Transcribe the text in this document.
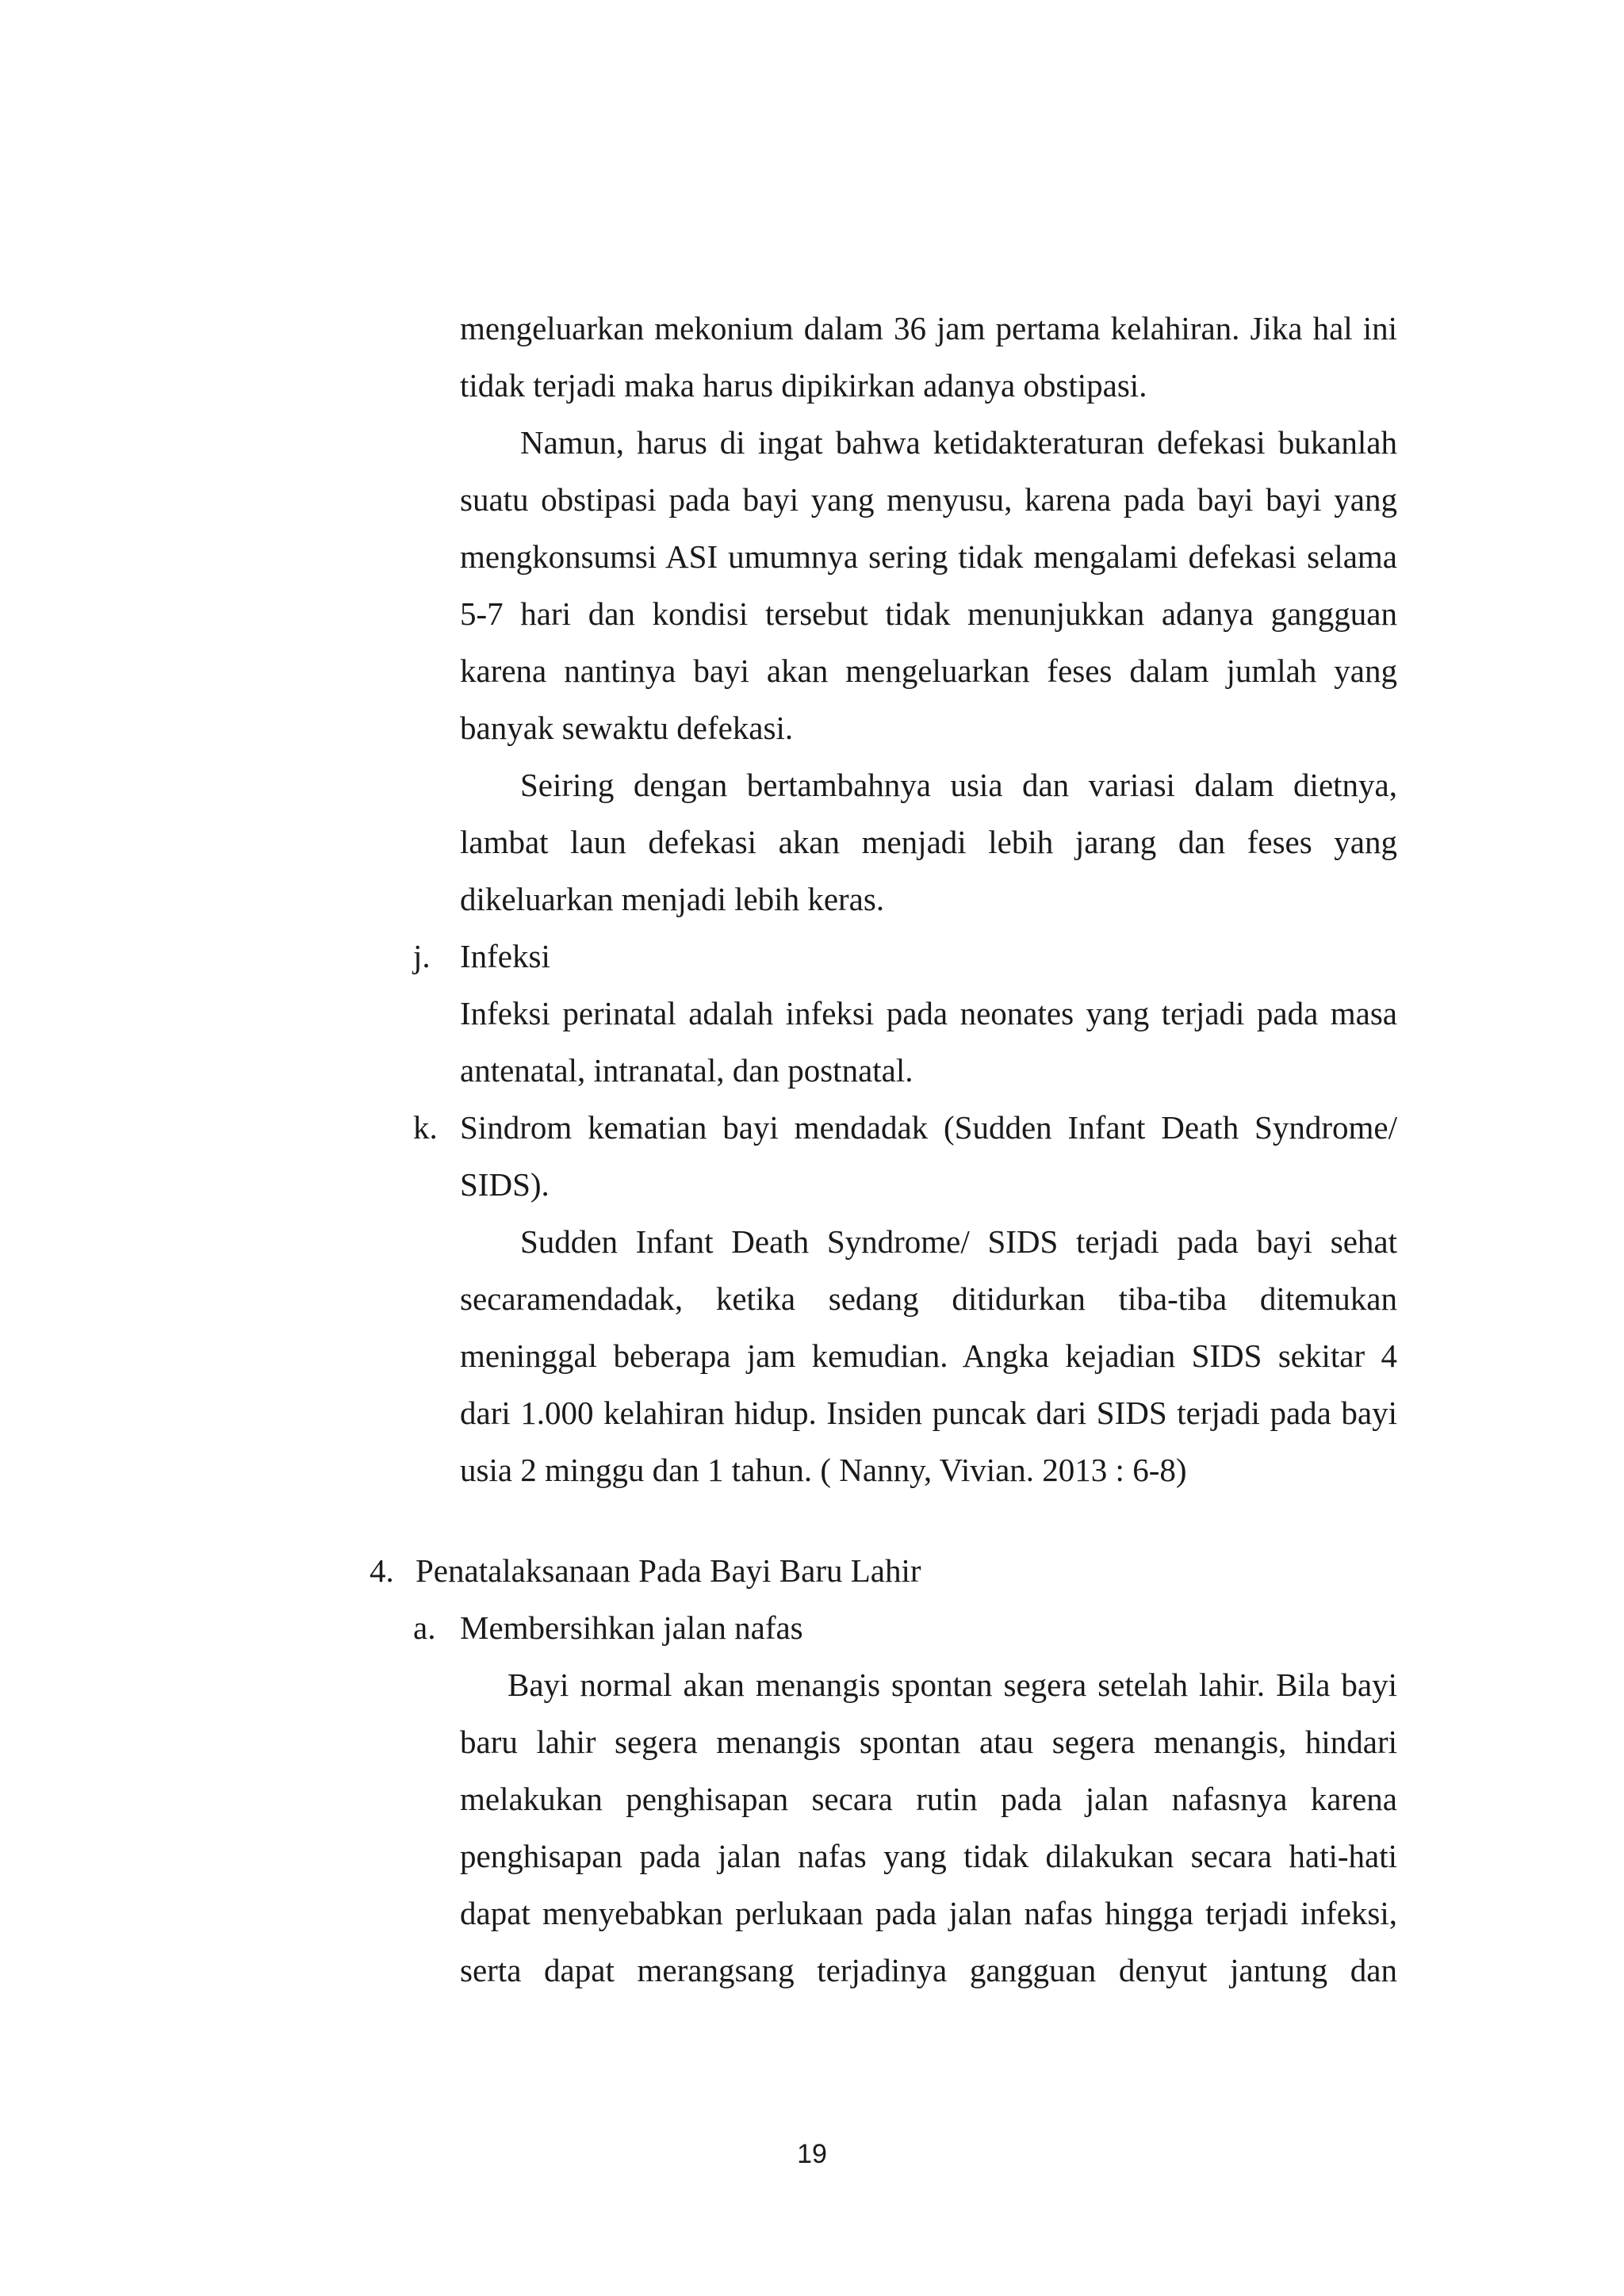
mengeluarkan mekonium dalam 36 jam pertama kelahiran. Jika hal ini
tidak terjadi maka harus dipikirkan adanya obstipasi.
Namun, harus di ingat bahwa ketidakteraturan defekasi bukanlah
suatu obstipasi pada bayi yang menyusu, karena pada bayi bayi yang
mengkonsumsi ASI umumnya sering tidak mengalami defekasi selama
5-7 hari dan kondisi tersebut tidak menunjukkan adanya gangguan
karena nantinya bayi akan mengeluarkan feses dalam jumlah yang
banyak sewaktu defekasi.
Seiring dengan bertambahnya usia dan variasi dalam dietnya,
lambat laun defekasi akan menjadi lebih jarang dan feses yang
dikeluarkan menjadi lebih keras.
j. Infeksi
Infeksi perinatal adalah infeksi pada neonates yang terjadi pada masa
antenatal, intranatal, dan postnatal.
k. Sindrom kematian bayi mendadak (Sudden Infant Death Syndrome/
SIDS).
Sudden Infant Death Syndrome/ SIDS terjadi pada bayi sehat
secaramendadak, ketika sedang ditidurkan tiba-tiba ditemukan
meninggal beberapa jam kemudian. Angka kejadian SIDS sekitar 4
dari 1.000 kelahiran hidup. Insiden puncak dari SIDS terjadi pada bayi
usia 2 minggu dan 1 tahun. ( Nanny, Vivian. 2013 : 6-8)
4. Penatalaksanaan Pada Bayi Baru Lahir
a. Membersihkan jalan nafas
Bayi normal akan menangis spontan segera setelah lahir. Bila bayi
baru lahir segera menangis spontan atau segera menangis, hindari
melakukan penghisapan secara rutin pada jalan nafasnya karena
penghisapan pada jalan nafas yang tidak dilakukan secara hati-hati
dapat menyebabkan perlukaan pada jalan nafas hingga terjadi infeksi,
serta dapat merangsang terjadinya gangguan denyut jantung dan
19
